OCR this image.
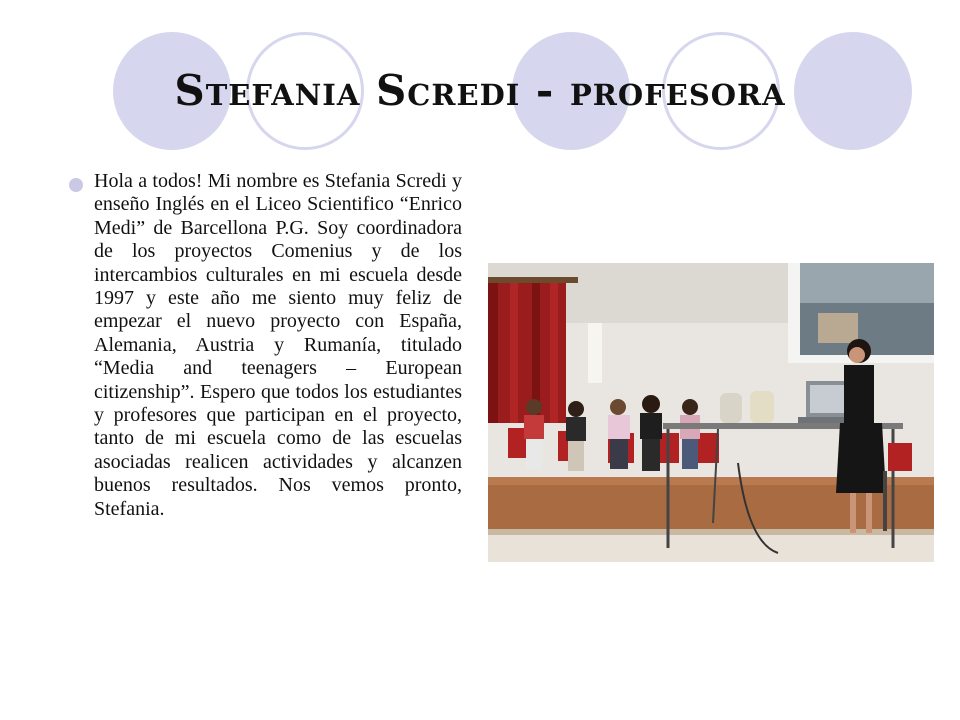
Stefania Scredi - profesora
Hola a todos! Mi nombre es Stefania Scredi y enseño Inglés en el Liceo Scientifico “Enrico Medi” de Barcellona P.G. Soy coordinadora de los proyectos Comenius y de los intercambios culturales en mi escuela desde 1997 y este año me siento muy feliz de empezar el nuevo proyecto con España, Alemania, Austria y Rumanía, titulado “Media and teenagers – European citizenship”. Espero que todos los estudiantes y profesores que participan en el proyecto, tanto de mi escuela como de las escuelas asociadas realicen actividades y alcanzen buenos resultados. Nos vemos pronto, Stefania.
